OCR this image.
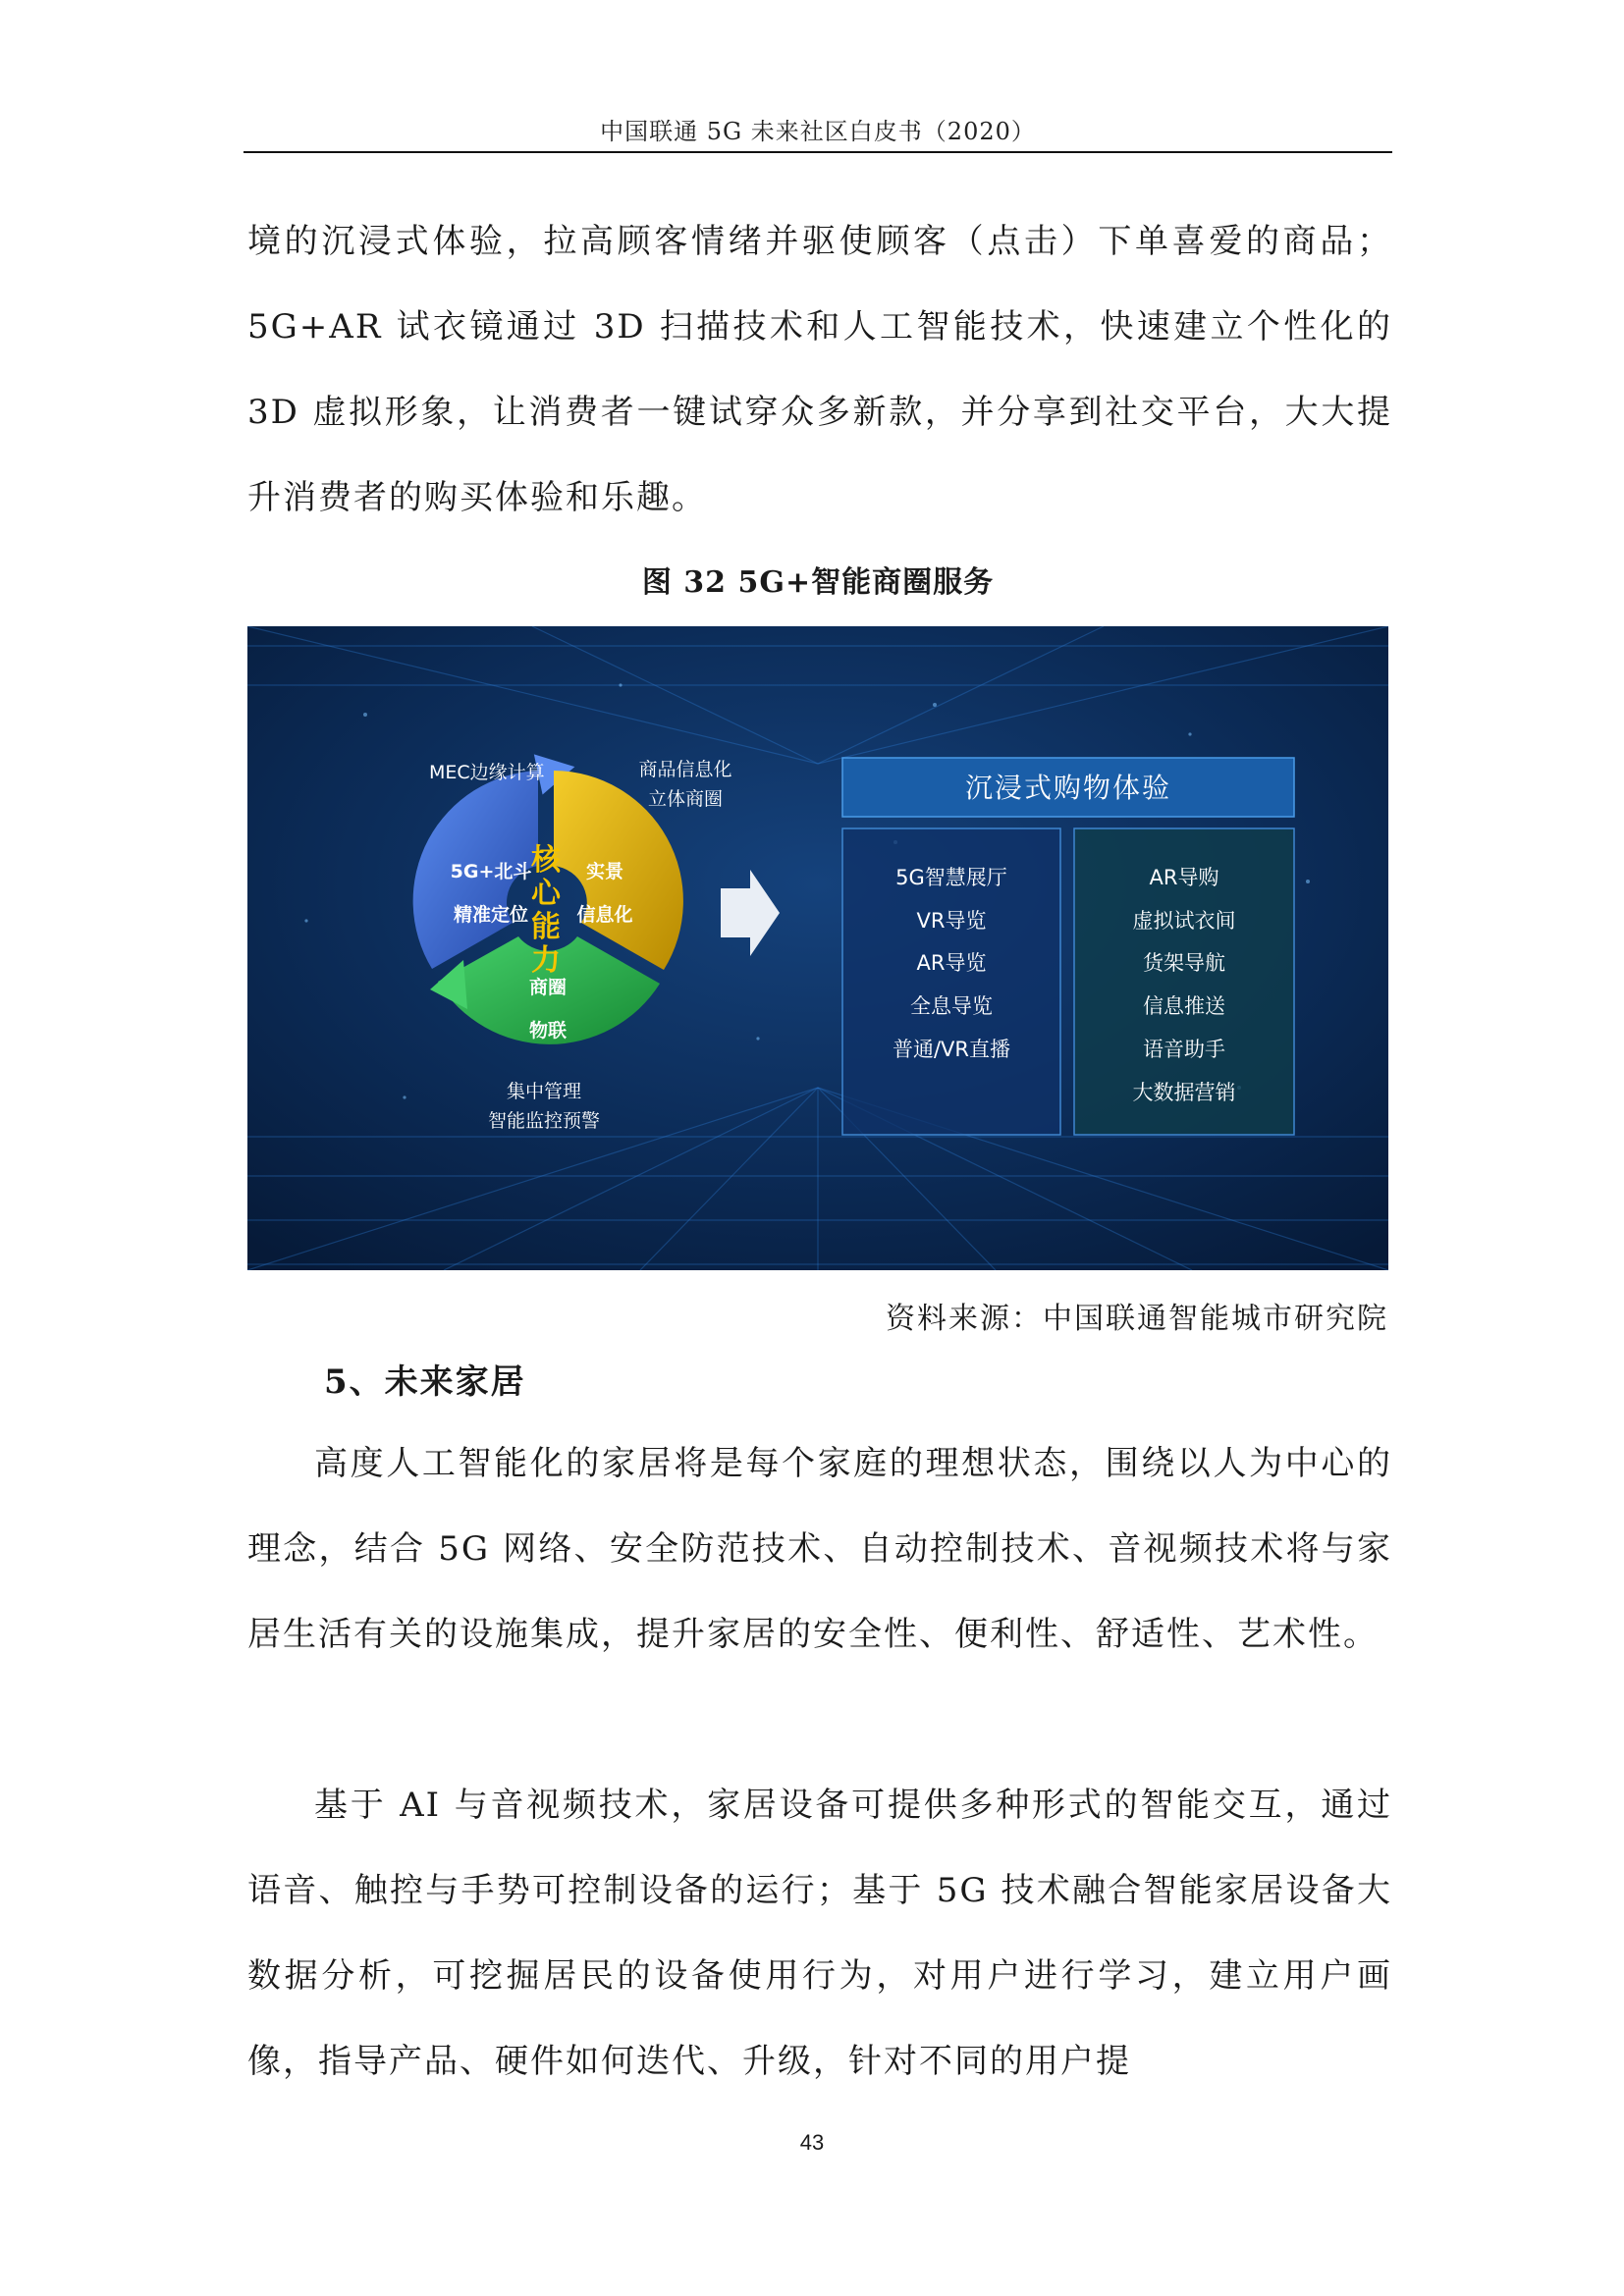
中国联通 5G 未来社区白皮书（2020）

境的沉浸式体验，拉高顾客情绪并驱使顾客（点击）下单喜爱的商品；5G+AR 试衣镜通过 3D 扫描技术和人工智能技术，快速建立个性化的 3D 虚拟形象，让消费者一键试穿众多新款，并分享到社交平台，大大提升消费者的购买体验和乐趣。

图 32 5G+智能商圈服务
MEC边缘计算	商品信息化
立体商圈
集中管理
智能监控预警
5G+北斗
精准定位
实景
信息化
商圈
物联
核
心
能
力
沉浸式购物体验
5G智慧展厅
VR导览
AR导览
全息导览
普通/VR直播
AR导购
虚拟试衣间
货架导航
信息推送
语音助手
大数据营销
资料来源：中国联通智能城市研究院
5、未来家居

高度人工智能化的家居将是每个家庭的理想状态，围绕以人为中心的理念，结合 5G 网络、安全防范技术、自动控制技术、音视频技术将与家居生活有关的设施集成，提升家居的安全性、便利性、舒适性、艺术性。

基于 AI 与音视频技术，家居设备可提供多种形式的智能交互，通过语音、触控与手势可控制设备的运行；基于 5G 技术融合智能家居设备大数据分析，可挖掘居民的设备使用行为，对用户进行学习，建立用户画像，指导产品、硬件如何迭代、升级，针对不同的用户提

43
